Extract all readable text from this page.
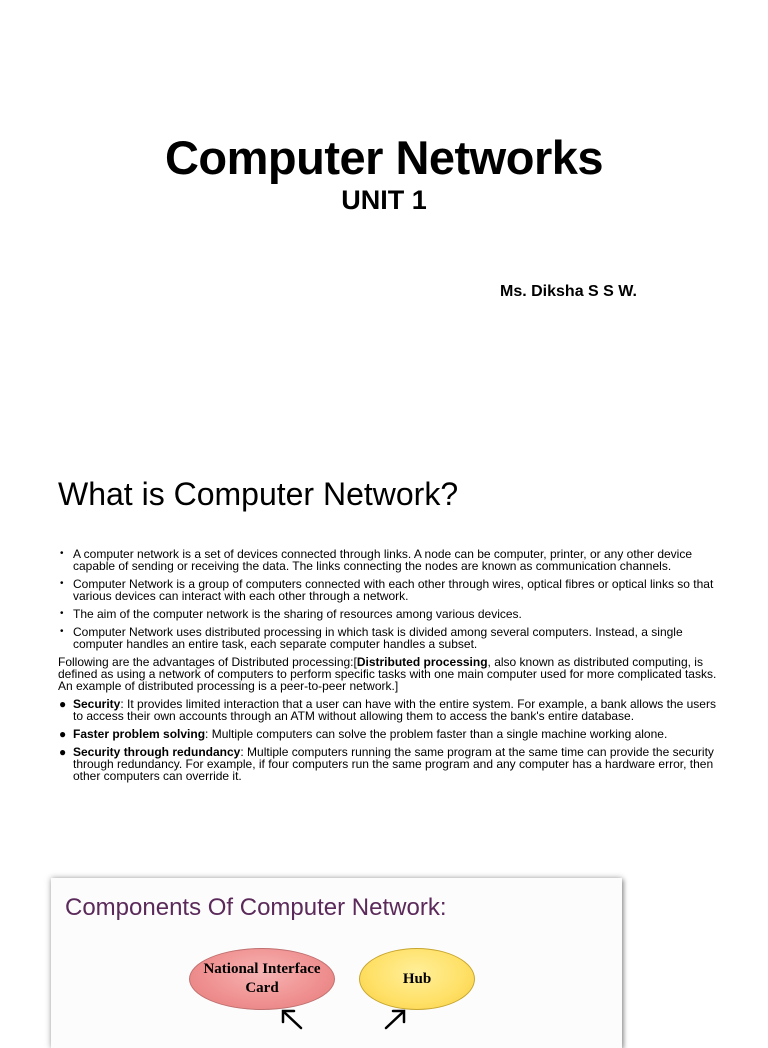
Computer Networks
UNIT 1
Ms. Diksha S S W.
What is Computer Network?
• A computer network is a set of devices connected through links. A node can be computer, printer, or any other device capable of sending or receiving the data. The links connecting the nodes are known as communication channels.
• Computer Network is a group of computers connected with each other through wires, optical fibres or optical links so that various devices can interact with each other through a network.
• The aim of the computer network is the sharing of resources among various devices.
• Computer Network uses distributed processing in which task is divided among several computers. Instead, a single computer handles an entire task, each separate computer handles a subset.

Following are the advantages of Distributed processing:[Distributed processing, also known as distributed computing, is defined as using a network of computers to perform specific tasks with one main computer used for more complicated tasks. An example of distributed processing is a peer-to-peer network.]

● Security: It provides limited interaction that a user can have with the entire system. For example, a bank allows the users to access their own accounts through an ATM without allowing them to access the bank's entire database.
● Faster problem solving: Multiple computers can solve the problem faster than a single machine working alone.
● Security through redundancy: Multiple computers running the same program at the same time can provide the security through redundancy. For example, if four computers run the same program and any computer has a hardware error, then other computers can override it.
Components Of Computer Network:
National Interface Card
Hub
